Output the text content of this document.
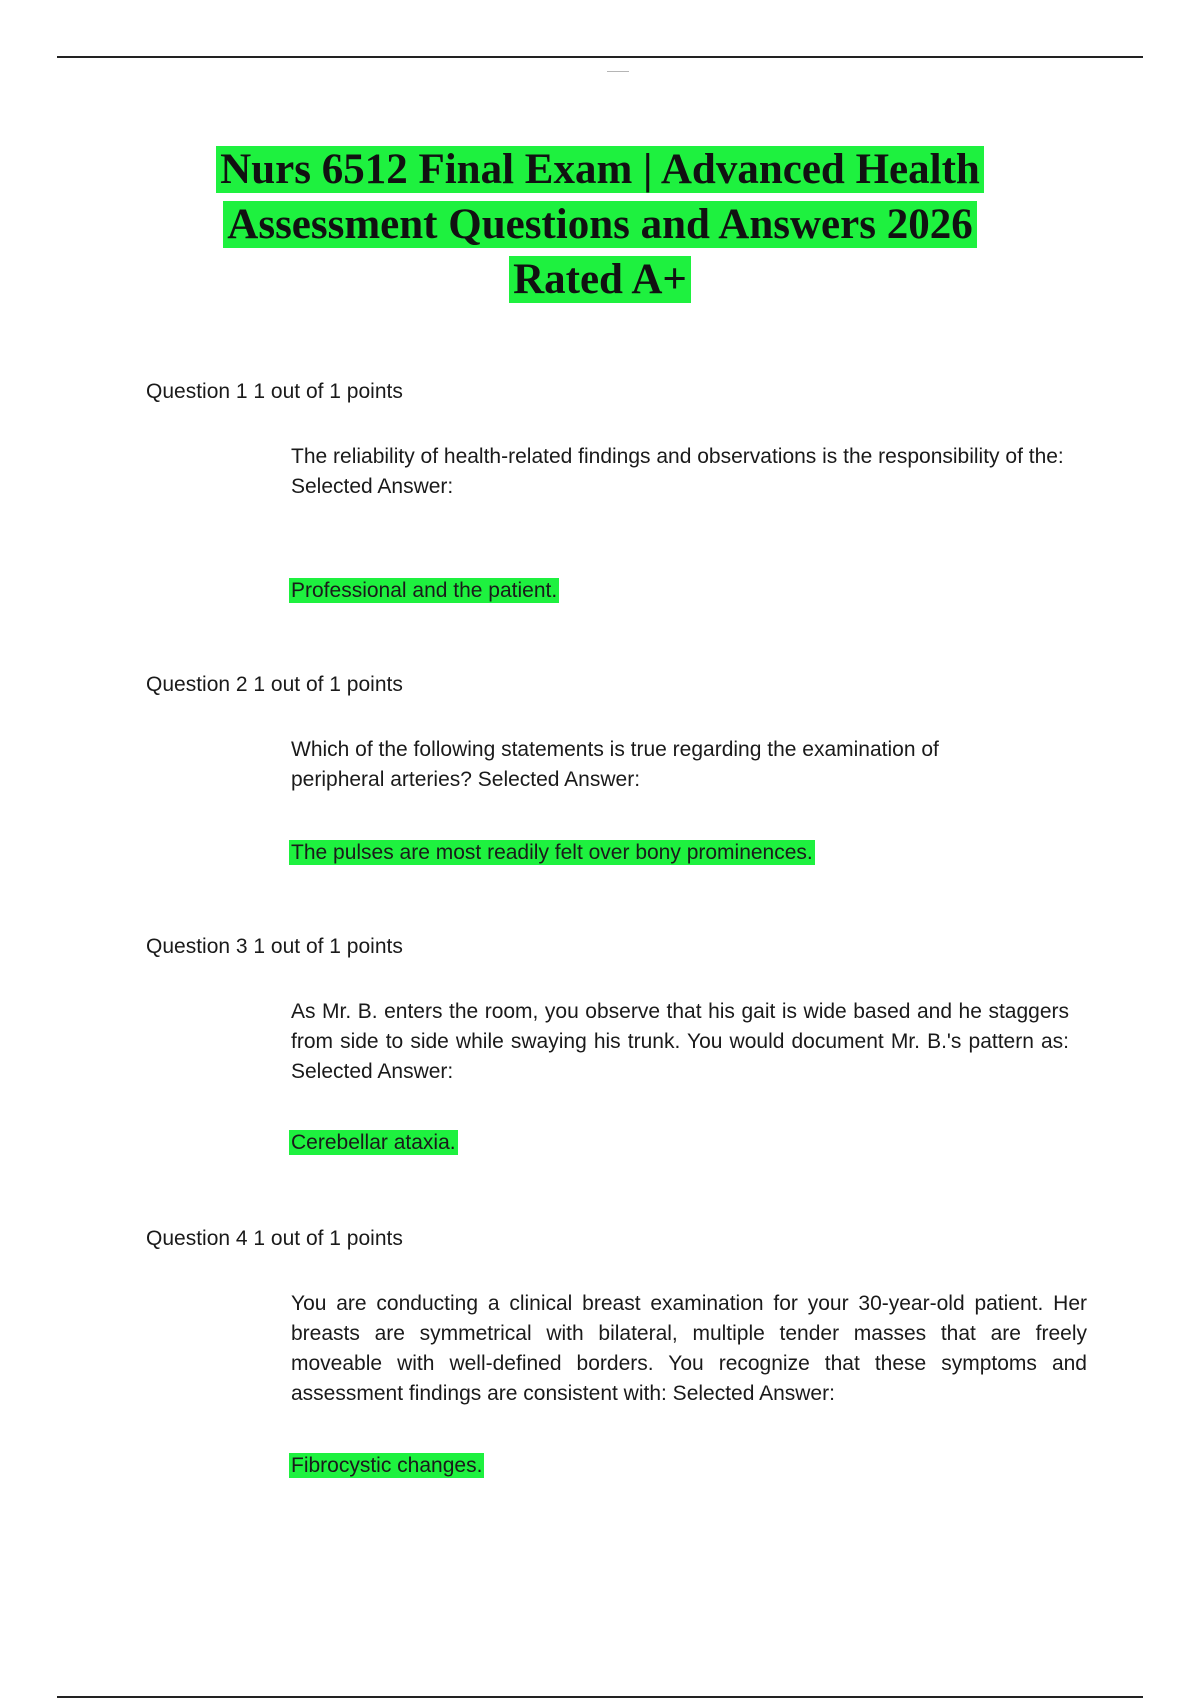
Nurs 6512 Final Exam | Advanced Health
Assessment Questions and Answers 2026
Rated A+

Question 1 1 out of 1 points

The reliability of health-related findings and observations is the responsibility of the:
Selected Answer:

Professional and the patient.

Question 2 1 out of 1 points

Which of the following statements is true regarding the examination of peripheral arteries? Selected Answer:

The pulses are most readily felt over bony prominences.

Question 3 1 out of 1 points

As Mr. B. enters the room, you observe that his gait is wide based and he staggers from side to side while swaying his trunk. You would document Mr. B.'s pattern as: Selected Answer:

Cerebellar ataxia.

Question 4 1 out of 1 points

You are conducting a clinical breast examination for your 30-year-old patient. Her breasts are symmetrical with bilateral, multiple tender masses that are freely moveable with well-defined borders. You recognize that these symptoms and assessment findings are consistent with: Selected Answer:

Fibrocystic changes.
